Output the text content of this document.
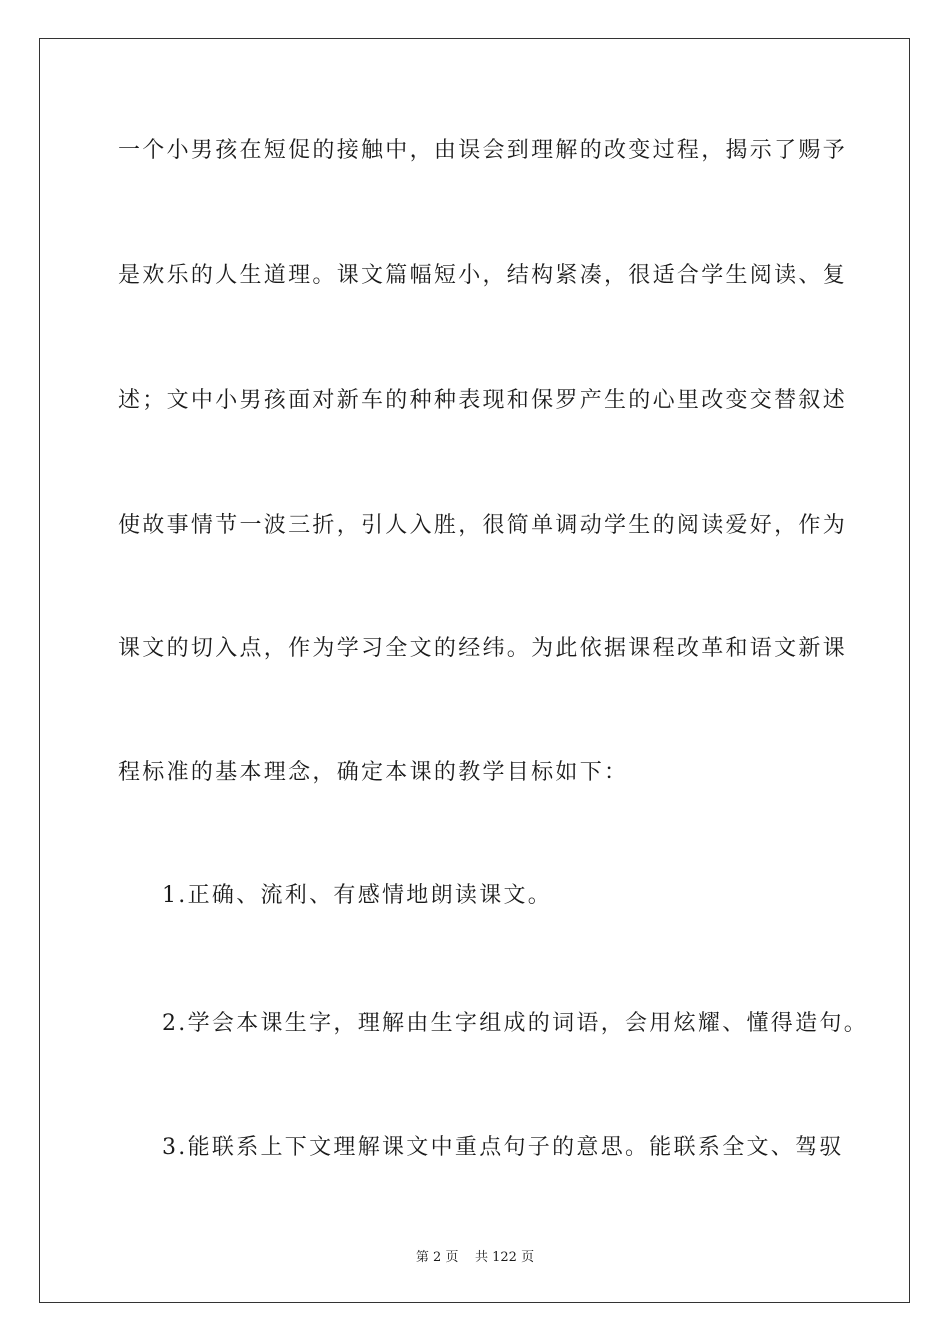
一个小男孩在短促的接触中，由误会到理解的改变过程，揭示了赐予
是欢乐的人生道理。课文篇幅短小，结构紧凑，很适合学生阅读、复
述；文中小男孩面对新车的种种表现和保罗产生的心里改变交替叙述
使故事情节一波三折，引人入胜，很简单调动学生的阅读爱好，作为
课文的切入点，作为学习全文的经纬。为此依据课程改革和语文新课
程标准的基本理念，确定本课的教学目标如下：
1.正确、流利、有感情地朗读课文。
2.学会本课生字，理解由生字组成的词语，会用炫耀、懂得造句。
3.能联系上下文理解课文中重点句子的意思。能联系全文、驾驭
第 2 页    共 122 页
